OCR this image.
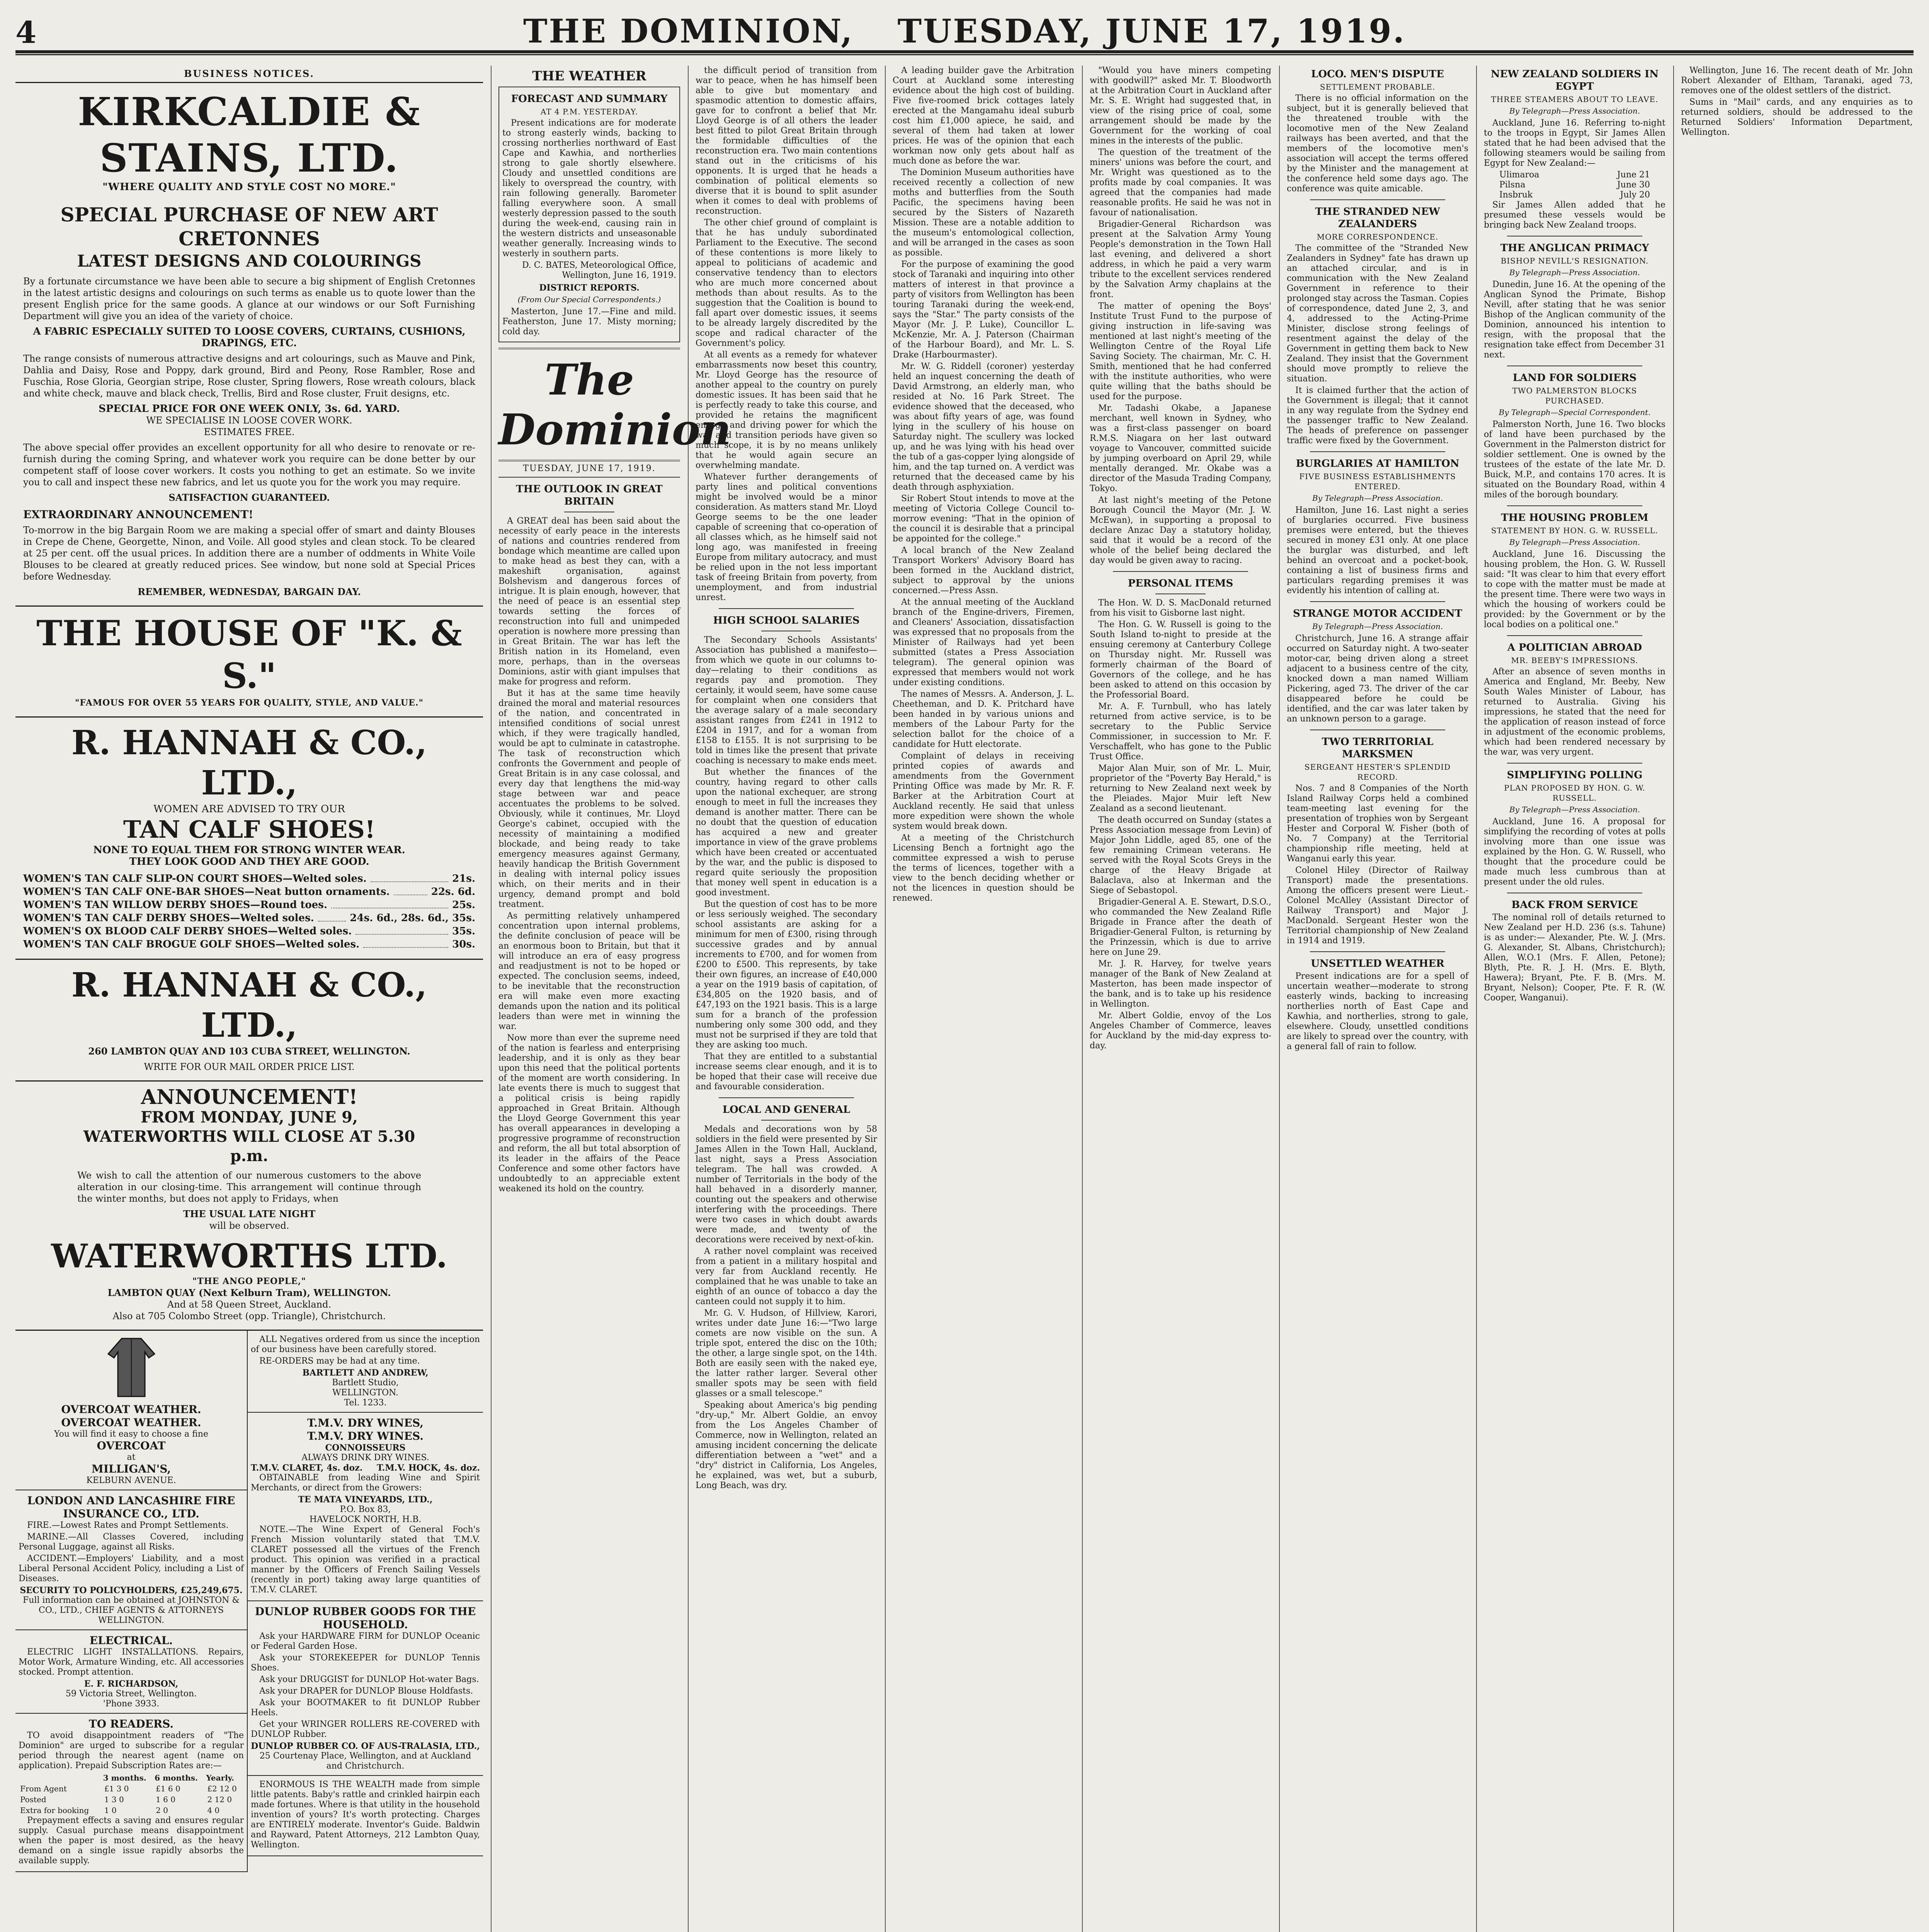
4	THE DOMINION, TUESDAY, JUNE 17, 1919.
BUSINESS NOTICES.
KIRKCALDIE & STAINS, LTD.
"WHERE QUALITY AND STYLE COST NO MORE."
SPECIAL PURCHASE OF NEW ART CRETONNES
LATEST DESIGNS AND COLOURINGS
By a fortunate circumstance we have been able to secure a big shipment of English Cretonnes in the latest artistic designs and colourings on such terms as enable us to quote lower than the present English price for the same goods. A glance at our windows or our Soft Furnishing Department will give you an idea of the variety of choice.
A FABRIC ESPECIALLY SUITED TO LOOSE COVERS, CURTAINS, CUSHIONS, DRAPINGS, ETC.
The range consists of numerous attractive designs and art colourings, such as Mauve and Pink, Dahlia and Daisy, Rose and Poppy, dark ground, Bird and Peony, Rose Rambler, Rose and Fuschia, Rose Gloria, Georgian stripe, Rose cluster, Spring flowers, Rose wreath colours, black and white check, mauve and black check, Trellis, Bird and Rose cluster, Fruit designs, etc.
SPECIAL PRICE FOR ONE WEEK ONLY, 3s. 6d. YARD.
WE SPECIALISE IN LOOSE COVER WORK.
ESTIMATES FREE.
The above special offer provides an excellent opportunity for all who desire to renovate or re-furnish during the coming Spring, and whatever work you require can be done better by our competent staff of loose cover workers. It costs you nothing to get an estimate. So we invite you to call and inspect these new fabrics, and let us quote you for the work you may require.
SATISFACTION GUARANTEED.
EXTRAORDINARY ANNOUNCEMENT!
To-morrow in the big Bargain Room we are making a special offer of smart and dainty Blouses in Crepe de Chene, Georgette, Ninon, and Voile. All good styles and clean stock. To be cleared at 25 per cent. off the usual prices. In addition there are a number of oddments in White Voile Blouses to be cleared at greatly reduced prices. See window, but none sold at Special Prices before Wednesday.
REMEMBER, WEDNESDAY, BARGAIN DAY.
THE HOUSE OF "K. & S."
"FAMOUS FOR OVER 55 YEARS FOR QUALITY, STYLE, AND VALUE."
R. HANNAH & CO., LTD.,
WOMEN ARE ADVISED TO TRY OUR
TAN CALF SHOES!
NONE TO EQUAL THEM FOR STRONG WINTER WEAR.
THEY LOOK GOOD AND THEY ARE GOOD.
WOMEN'S TAN CALF SLIP-ON COURT SHOES—Welted soles.	21s.
WOMEN'S TAN CALF ONE-BAR SHOES—Neat button ornaments.	22s. 6d.
WOMEN'S TAN WILLOW DERBY SHOES—Round toes.	25s.
WOMEN'S TAN CALF DERBY SHOES—Welted soles.	24s. 6d., 28s. 6d., 35s.
WOMEN'S OX BLOOD CALF DERBY SHOES—Welted soles.	35s.
WOMEN'S TAN CALF BROGUE GOLF SHOES—Welted soles.	30s.
R. HANNAH & CO., LTD.,
260 LAMBTON QUAY AND 103 CUBA STREET, WELLINGTON.
WRITE FOR OUR MAIL ORDER PRICE LIST.
ANNOUNCEMENT!
FROM MONDAY, JUNE 9, WATERWORTHS WILL CLOSE AT 5.30 p.m.
We wish to call the attention of our numerous customers to the above alteration in our closing-time. This arrangement will continue through the winter months, but does not apply to Fridays, when
THE USUAL LATE NIGHT
will be observed.
WATERWORTHS LTD.
"THE ANGO PEOPLE,"
LAMBTON QUAY (Next Kelburn Tram), WELLINGTON.
And at 58 Queen Street, Auckland.
Also at 705 Colombo Street (opp. Triangle), Christchurch.
OVERCOAT WEATHER.
OVERCOAT WEATHER.
You will find it easy to choose a fine
OVERCOAT
at
MILLIGAN'S,
KELBURN AVENUE.
LONDON AND LANCASHIRE FIRE INSURANCE CO., LTD.

FIRE.—Lowest Rates and Prompt Settlements.

MARINE.—All Classes Covered, including Personal Luggage, against all Risks.

ACCIDENT.—Employers' Liability, and a most Liberal Personal Accident Policy, including a List of Diseases.

SECURITY TO POLICYHOLDERS, £25,249,675.
Full information can be obtained at JOHNSTON & CO., LTD., CHIEF AGENTS & ATTORNEYS WELLINGTON.
ELECTRICAL.

ELECTRIC LIGHT INSTALLATIONS. Repairs, Motor Work, Armature Winding, etc. All accessories stocked. Prompt attention.

E. F. RICHARDSON,
59 Victoria Street, Wellington.
'Phone 3933.
TO READERS.

TO avoid disappointment readers of "The Dominion" are urged to subscribe for a regular period through the nearest agent (name on application). Prepaid Subscription Rates are:—

	3 months.	6 months.	Yearly.
From Agent	£1 3 0	£1 6 0	£2 12 0
Posted	1 3 0	1 6 0	2 12 0
Extra for booking	1 0	2 0	4 0

Prepayment effects a saving and ensures regular supply. Casual purchase means disappointment when the paper is most desired, as the heavy demand on a single issue rapidly absorbs the available supply.

ALL Negatives ordered from us since the inception of our business have been carefully stored.

RE-ORDERS may be had at any time.

BARTLETT AND ANDREW,
Bartlett Studio,
WELLINGTON.
Tel. 1233.
T.M.V. DRY WINES,
T.M.V. DRY WINES.
CONNOISSEURS
ALWAYS DRINK DRY WINES.
T.M.V. CLARET, 4s. doz. T.M.V. HOCK, 4s. doz.

OBTAINABLE from leading Wine and Spirit Merchants, or direct from the Growers:

TE MATA VINEYARDS, LTD.,
P.O. Box 83,
HAVELOCK NORTH, H.B.

NOTE.—The Wine Expert of General Foch's French Mission voluntarily stated that T.M.V. CLARET possessed all the virtues of the French product. This opinion was verified in a practical manner by the Officers of French Sailing Vessels (recently in port) taking away large quantities of T.M.V. CLARET.

DUNLOP RUBBER GOODS FOR THE HOUSEHOLD.

Ask your HARDWARE FIRM for DUNLOP Oceanic or Federal Garden Hose.

Ask your STOREKEEPER for DUNLOP Tennis Shoes.

Ask your DRUGGIST for DUNLOP Hot-water Bags.

Ask your DRAPER for DUNLOP Blouse Holdfasts.

Ask your BOOTMAKER to fit DUNLOP Rubber Heels.

Get your WRINGER ROLLERS RE-COVERED with DUNLOP Rubber.

DUNLOP RUBBER CO. OF AUS-TRALASIA, LTD.,
25 Courtenay Place, Wellington, and at Auckland and Christchurch.

ENORMOUS IS THE WEALTH made from simple little patents. Baby's rattle and crinkled hairpin each made fortunes. Where is that utility in the household invention of yours? It's worth protecting. Charges are ENTIRELY moderate. Inventor's Guide. Baldwin and Rayward, Patent Attorneys, 212 Lambton Quay, Wellington.

THE WEATHER
FORECAST AND SUMMARY
AT 4 P.M. YESTERDAY.

Present indications are for moderate to strong easterly winds, backing to crossing northerlies northward of East Cape and Kawhia, and northerlies strong to gale shortly elsewhere. Cloudy and unsettled conditions are likely to overspread the country, with rain following generally. Barometer falling everywhere soon. A small westerly depression passed to the south during the week-end, causing rain in the western districts and unseasonable weather generally. Increasing winds to westerly in southern parts.

D. C. BATES, Meteorological Office, Wellington, June 16, 1919.

DISTRICT REPORTS.
(From Our Special Correspondents.)

Masterton, June 17.—Fine and mild. Featherston, June 17. Misty morning; cold day.

The Dominion
TUESDAY, JUNE 17, 1919.
THE OUTLOOK IN GREAT BRITAIN

A GREAT deal has been said about the necessity of early peace in the interests of nations and countries rendered from bondage which meantime are called upon to make head as best they can, with a makeshift organisation, against Bolshevism and dangerous forces of intrigue. It is plain enough, however, that the need of peace is an essential step towards setting the forces of reconstruction into full and unimpeded operation is nowhere more pressing than in Great Britain. The war has left the British nation in its Homeland, even more, perhaps, than in the overseas Dominions, astir with giant impulses that make for progress and reform.

But it has at the same time heavily drained the moral and material resources of the nation, and concentrated in intensified conditions of social unrest which, if they were tragically handled, would be apt to culminate in catastrophe. The task of reconstruction which confronts the Government and people of Great Britain is in any case colossal, and every day that lengthens the mid-way stage between war and peace accentuates the problems to be solved. Obviously, while it continues, Mr. Lloyd George's cabinet, occupied with the necessity of maintaining a modified blockade, and being ready to take emergency measures against Germany, heavily handicap the British Government in dealing with internal policy issues which, on their merits and in their urgency, demand prompt and bold treatment.

As permitting relatively unhampered concentration upon internal problems, the definite conclusion of peace will be an enormous boon to Britain, but that it will introduce an era of easy progress and readjustment is not to be hoped or expected. The conclusion seems, indeed, to be inevitable that the reconstruction era will make even more exacting demands upon the nation and its political leaders than were met in winning the war.

Now more than ever the supreme need of the nation is fearless and enterprising leadership, and it is only as they bear upon this need that the political portents of the moment are worth considering. In late events there is much to suggest that a political crisis is being rapidly approached in Great Britain. Although the Lloyd George Government this year has overall appearances in developing a progressive programme of reconstruction and reform, the all but total absorption of its leader in the affairs of the Peace Conference and some other factors have undoubtedly to an appreciable extent weakened its hold on the country.

the difficult period of transition from war to peace, when he has himself been able to give but momentary and spasmodic attention to domestic affairs, gave for to confront a belief that Mr. Lloyd George is of all others the leader best fitted to pilot Great Britain through the formidable difficulties of the reconstruction era. Two main contentions stand out in the criticisms of his opponents. It is urged that he heads a combination of political elements so diverse that it is bound to split asunder when it comes to deal with problems of reconstruction.

The other chief ground of complaint is that he has unduly subordinated Parliament to the Executive. The second of these contentions is more likely to appeal to politicians of academic and conservative tendency than to electors who are much more concerned about methods than about results. As to the suggestion that the Coalition is bound to fall apart over domestic issues, it seems to be already largely discredited by the scope and radical character of the Government's policy.

At all events as a remedy for whatever embarrassments now beset this country, Mr. Lloyd George has the resource of another appeal to the country on purely domestic issues. It has been said that he is perfectly ready to take this course, and provided he retains the magnificent energy and driving power for which the war and transition periods have given so much scope, it is by no means unlikely that he would again secure an overwhelming mandate.

Whatever further derangements of party lines and political conventions might be involved would be a minor consideration. As matters stand Mr. Lloyd George seems to be the one leader capable of screening that co-operation of all classes which, as he himself said not long ago, was manifested in freeing Europe from military autocracy, and must be relied upon in the not less important task of freeing Britain from poverty, from unemployment, and from industrial unrest.

HIGH SCHOOL SALARIES

The Secondary Schools Assistants' Association has published a manifesto—from which we quote in our columns to-day—relating to their conditions as regards pay and promotion. They certainly, it would seem, have some cause for complaint when one considers that the average salary of a male secondary assistant ranges from £241 in 1912 to £204 in 1917, and for a woman from £158 to £155. It is not surprising to be told in times like the present that private coaching is necessary to make ends meet.

But whether the finances of the country, having regard to other calls upon the national exchequer, are strong enough to meet in full the increases they demand is another matter. There can be no doubt that the question of education has acquired a new and greater importance in view of the grave problems which have been created or accentuated by the war, and the public is disposed to regard quite seriously the proposition that money well spent in education is a good investment.

But the question of cost has to be more or less seriously weighed. The secondary school assistants are asking for a minimum for men of £300, rising through successive grades and by annual increments to £700, and for women from £200 to £500. This represents, by take their own figures, an increase of £40,000 a year on the 1919 basis of capitation, of £34,805 on the 1920 basis, and of £47,193 on the 1921 basis. This is a large sum for a branch of the profession numbering only some 300 odd, and they must not be surprised if they are told that they are asking too much.

That they are entitled to a substantial increase seems clear enough, and it is to be hoped that their case will receive due and favourable consideration.

LOCAL AND GENERAL

Medals and decorations won by 58 soldiers in the field were presented by Sir James Allen in the Town Hall, Auckland, last night, says a Press Association telegram. The hall was crowded. A number of Territorials in the body of the hall behaved in a disorderly manner, counting out the speakers and otherwise interfering with the proceedings. There were two cases in which doubt awards were made, and twenty of the decorations were received by next-of-kin.

A rather novel complaint was received from a patient in a military hospital and very far from Auckland recently. He complained that he was unable to take an eighth of an ounce of tobacco a day the canteen could not supply it to him.

Mr. G. V. Hudson, of Hillview, Karori, writes under date June 16:—"Two large comets are now visible on the sun. A triple spot, entered the disc on the 10th; the other, a large single spot, on the 14th. Both are easily seen with the naked eye, the latter rather larger. Several other smaller spots may be seen with field glasses or a small telescope."

Speaking about America's big pending "dry-up," Mr. Albert Goldie, an envoy from the Los Angeles Chamber of Commerce, now in Wellington, related an amusing incident concerning the delicate differentiation between a "wet" and a "dry" district in California, Los Angeles, he explained, was wet, but a suburb, Long Beach, was dry.

A leading builder gave the Arbitration Court at Auckland some interesting evidence about the high cost of building. Five five-roomed brick cottages lately erected at the Mangamahu ideal suburb cost him £1,000 apiece, he said, and several of them had taken at lower prices. He was of the opinion that each workman now only gets about half as much done as before the war.

The Dominion Museum authorities have received recently a collection of new moths and butterflies from the South Pacific, the specimens having been secured by the Sisters of Nazareth Mission. These are a notable addition to the museum's entomological collection, and will be arranged in the cases as soon as possible.

For the purpose of examining the good stock of Taranaki and inquiring into other matters of interest in that province a party of visitors from Wellington has been touring Taranaki during the week-end, says the "Star." The party consists of the Mayor (Mr. J. P. Luke), Councillor L. McKenzie, Mr. A. J. Paterson (Chairman of the Harbour Board), and Mr. L. S. Drake (Harbourmaster).

Mr. W. G. Riddell (coroner) yesterday held an inquest concerning the death of David Armstrong, an elderly man, who resided at No. 16 Park Street. The evidence showed that the deceased, who was about fifty years of age, was found lying in the scullery of his house on Saturday night. The scullery was locked up, and he was lying with his head over the tub of a gas-copper lying alongside of him, and the tap turned on. A verdict was returned that the deceased came by his death through asphyxiation.

Sir Robert Stout intends to move at the meeting of Victoria College Council to-morrow evening: "That in the opinion of the council it is desirable that a principal be appointed for the college."

A local branch of the New Zealand Transport Workers' Advisory Board has been formed in the Auckland district, subject to approval by the unions concerned.—Press Assn.

At the annual meeting of the Auckland branch of the Engine-drivers, Firemen, and Cleaners' Association, dissatisfaction was expressed that no proposals from the Minister of Railways had yet been submitted (states a Press Association telegram). The general opinion was expressed that members would not work under existing conditions.

The names of Messrs. A. Anderson, J. L. Cheetheman, and D. K. Pritchard have been handed in by various unions and members of the Labour Party for the selection ballot for the choice of a candidate for Hutt electorate.

Complaint of delays in receiving printed copies of awards and amendments from the Government Printing Office was made by Mr. R. F. Barker at the Arbitration Court at Auckland recently. He said that unless more expedition were shown the whole system would break down.

At a meeting of the Christchurch Licensing Bench a fortnight ago the committee expressed a wish to peruse the terms of licences, together with a view to the bench deciding whether or not the licences in question should be renewed.

"Would you have miners competing with goodwill?" asked Mr. T. Bloodworth at the Arbitration Court in Auckland after Mr. S. E. Wright had suggested that, in view of the rising price of coal, some arrangement should be made by the Government for the working of coal mines in the interests of the public.

The question of the treatment of the miners' unions was before the court, and Mr. Wright was questioned as to the profits made by coal companies. It was agreed that the companies had made reasonable profits. He said he was not in favour of nationalisation.

Brigadier-General Richardson was present at the Salvation Army Young People's demonstration in the Town Hall last evening, and delivered a short address, in which he paid a very warm tribute to the excellent services rendered by the Salvation Army chaplains at the front.

The matter of opening the Boys' Institute Trust Fund to the purpose of giving instruction in life-saving was mentioned at last night's meeting of the Wellington Centre of the Royal Life Saving Society. The chairman, Mr. C. H. Smith, mentioned that he had conferred with the institute authorities, who were quite willing that the baths should be used for the purpose.

Mr. Tadashi Okabe, a Japanese merchant, well known in Sydney, who was a first-class passenger on board R.M.S. Niagara on her last outward voyage to Vancouver, committed suicide by jumping overboard on April 29, while mentally deranged. Mr. Okabe was a director of the Masuda Trading Company, Tokyo.

At last night's meeting of the Petone Borough Council the Mayor (Mr. J. W. McEwan), in supporting a proposal to declare Anzac Day a statutory holiday, said that it would be a record of the whole of the belief being declared the day would be given away to racing.

PERSONAL ITEMS

The Hon. W. D. S. MacDonald returned from his visit to Gisborne last night.

The Hon. G. W. Russell is going to the South Island to-night to preside at the ensuing ceremony at Canterbury College on Thursday night. Mr. Russell was formerly chairman of the Board of Governors of the college, and he has been asked to attend on this occasion by the Professorial Board.

Mr. A. F. Turnbull, who has lately returned from active service, is to be secretary to the Public Service Commissioner, in succession to Mr. F. Verschaffelt, who has gone to the Public Trust Office.

Major Alan Muir, son of Mr. L. Muir, proprietor of the "Poverty Bay Herald," is returning to New Zealand next week by the Pleiades. Major Muir left New Zealand as a second lieutenant.

The death occurred on Sunday (states a Press Association message from Levin) of Major John Liddle, aged 85, one of the few remaining Crimean veterans. He served with the Royal Scots Greys in the charge of the Heavy Brigade at Balaclava, also at Inkerman and the Siege of Sebastopol.

Brigadier-General A. E. Stewart, D.S.O., who commanded the New Zealand Rifle Brigade in France after the death of Brigadier-General Fulton, is returning by the Prinzessin, which is due to arrive here on June 29.

Mr. J. R. Harvey, for twelve years manager of the Bank of New Zealand at Masterton, has been made inspector of the bank, and is to take up his residence in Wellington.

Mr. Albert Goldie, envoy of the Los Angeles Chamber of Commerce, leaves for Auckland by the mid-day express to-day.

LOCO. MEN'S DISPUTE
SETTLEMENT PROBABLE.

There is no official information on the subject, but it is generally believed that the threatened trouble with the locomotive men of the New Zealand railways has been averted, and that the members of the locomotive men's association will accept the terms offered by the Minister and the management at the conference held some days ago. The conference was quite amicable.

THE STRANDED NEW ZEALANDERS
MORE CORRESPONDENCE.

The committee of the "Stranded New Zealanders in Sydney" fate has drawn up an attached circular, and is in communication with the New Zealand Government in reference to their prolonged stay across the Tasman. Copies of correspondence, dated June 2, 3, and 4, addressed to the Acting-Prime Minister, disclose strong feelings of resentment against the delay of the Government in getting them back to New Zealand. They insist that the Government should move promptly to relieve the situation.

It is claimed further that the action of the Government is illegal; that it cannot in any way regulate from the Sydney end the passenger traffic to New Zealand. The heads of preference on passenger traffic were fixed by the Government.

BURGLARIES AT HAMILTON
FIVE BUSINESS ESTABLISHMENTS ENTERED.
By Telegraph—Press Association.

Hamilton, June 16. Last night a series of burglaries occurred. Five business premises were entered, but the thieves secured in money £31 only. At one place the burglar was disturbed, and left behind an overcoat and a pocket-book, containing a list of business firms and particulars regarding premises it was evidently his intention of calling at.

STRANGE MOTOR ACCIDENT
By Telegraph—Press Association.

Christchurch, June 16. A strange affair occurred on Saturday night. A two-seater motor-car, being driven along a street adjacent to a business centre of the city, knocked down a man named William Pickering, aged 73. The driver of the car disappeared before he could be identified, and the car was later taken by an unknown person to a garage.

TWO TERRITORIAL MARKSMEN
SERGEANT HESTER'S SPLENDID RECORD.

Nos. 7 and 8 Companies of the North Island Railway Corps held a combined team-meeting last evening for the presentation of trophies won by Sergeant Hester and Corporal W. Fisher (both of No. 7 Company) at the Territorial championship rifle meeting, held at Wanganui early this year.

Colonel Hiley (Director of Railway Transport) made the presentations. Among the officers present were Lieut.-Colonel McAlley (Assistant Director of Railway Transport) and Major J. MacDonald. Sergeant Hester won the Territorial championship of New Zealand in 1914 and 1919.

UNSETTLED WEATHER

Present indications are for a spell of uncertain weather—moderate to strong easterly winds, backing to increasing northerlies north of East Cape and Kawhia, and northerlies, strong to gale, elsewhere. Cloudy, unsettled conditions are likely to spread over the country, with a general fall of rain to follow.

NEW ZEALAND SOLDIERS IN EGYPT
THREE STEAMERS ABOUT TO LEAVE.
By Telegraph—Press Association.

Auckland, June 16. Referring to-night to the troops in Egypt, Sir James Allen stated that he had been advised that the following steamers would be sailing from Egypt for New Zealand:—

Ulimaroa	June 21
Pilsna	June 30
Insbruk	July 20

Sir James Allen added that he presumed these vessels would be bringing back New Zealand troops.

THE ANGLICAN PRIMACY
BISHOP NEVILL'S RESIGNATION.
By Telegraph—Press Association.

Dunedin, June 16. At the opening of the Anglican Synod the Primate, Bishop Nevill, after stating that he was senior Bishop of the Anglican community of the Dominion, announced his intention to resign, with the proposal that the resignation take effect from December 31 next.

LAND FOR SOLDIERS
TWO PALMERSTON BLOCKS PURCHASED.
By Telegraph—Special Correspondent.

Palmerston North, June 16. Two blocks of land have been purchased by the Government in the Palmerston district for soldier settlement. One is owned by the trustees of the estate of the late Mr. D. Buick, M.P., and contains 170 acres. It is situated on the Boundary Road, within 4 miles of the borough boundary.

THE HOUSING PROBLEM
STATEMENT BY HON. G. W. RUSSELL.
By Telegraph—Press Association.

Auckland, June 16. Discussing the housing problem, the Hon. G. W. Russell said: "It was clear to him that every effort to cope with the matter must be made at the present time. There were two ways in which the housing of workers could be provided: by the Government or by the local bodies on a political one."

A POLITICIAN ABROAD
MR. BEEBY'S IMPRESSIONS.

After an absence of seven months in America and England, Mr. Beeby, New South Wales Minister of Labour, has returned to Australia. Giving his impressions, he stated that the need for the application of reason instead of force in adjustment of the economic problems, which had been rendered necessary by the war, was very urgent.

SIMPLIFYING POLLING
PLAN PROPOSED BY HON. G. W. RUSSELL.
By Telegraph—Press Association.

Auckland, June 16. A proposal for simplifying the recording of votes at polls involving more than one issue was explained by the Hon. G. W. Russell, who thought that the procedure could be made much less cumbrous than at present under the old rules.

BACK FROM SERVICE

The nominal roll of details returned to New Zealand per H.D. 236 (s.s. Tahune) is as under:— Alexander, Pte. W. J. (Mrs. G. Alexander, St. Albans, Christchurch); Allen, W.O.1 (Mrs. F. Allen, Petone); Blyth, Pte. R. J. H. (Mrs. E. Blyth, Hawera); Bryant, Pte. F. B. (Mrs. M. Bryant, Nelson); Cooper, Pte. F. R. (W. Cooper, Wanganui).

Wellington, June 16. The recent death of Mr. John Robert Alexander of Eltham, Taranaki, aged 73, removes one of the oldest settlers of the district.

Sums in "Mail" cards, and any enquiries as to returned soldiers, should be addressed to the Returned Soldiers' Information Department, Wellington.
